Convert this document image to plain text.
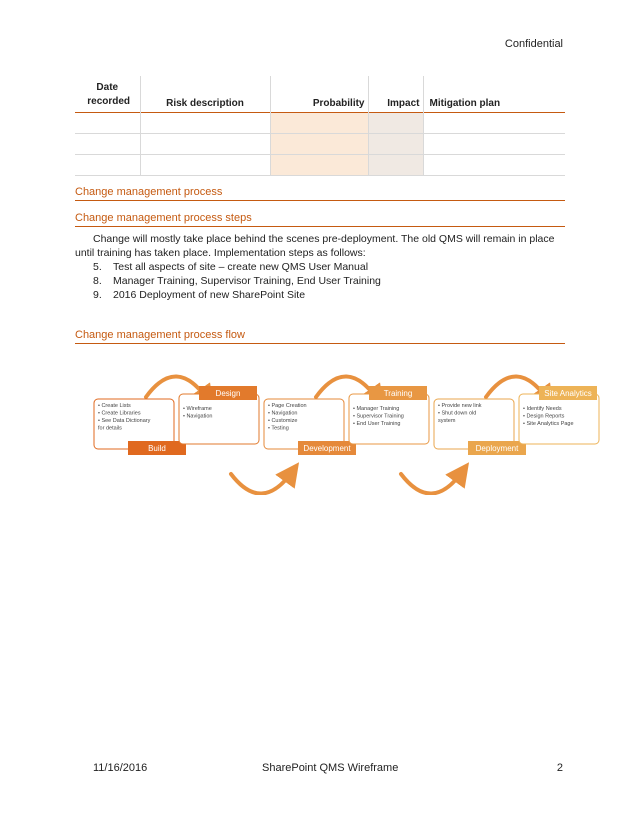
Confidential
Date recorded	Risk description	Probability	Impact	Mitigation plan

Change management process
Change management process steps
Change will mostly take place behind the scenes pre-deployment. The old QMS will remain in place until training has taken place. Implementation steps as follows:
5. Test all aspects of site – create new QMS User Manual
8. Manager Training, Supervisor Training, End User Training
9. 2016 Deployment of new SharePoint Site
Change management process flow
Build
• Create Lists
• Create Libraries
• See Data Dictionary
for details
Design
• Wireframe
• Navigation
Development
• Page Creation
• Navigation
• Customize
• Testing
Training
• Manager Training
• Supervisor Training
• End User Training
Deployment
• Provide new link
• Shut down old
system
Site Analytics
• Identify Needs
• Design Reports
• Site Analytics Page
11/16/2016	SharePoint QMS Wireframe	2
